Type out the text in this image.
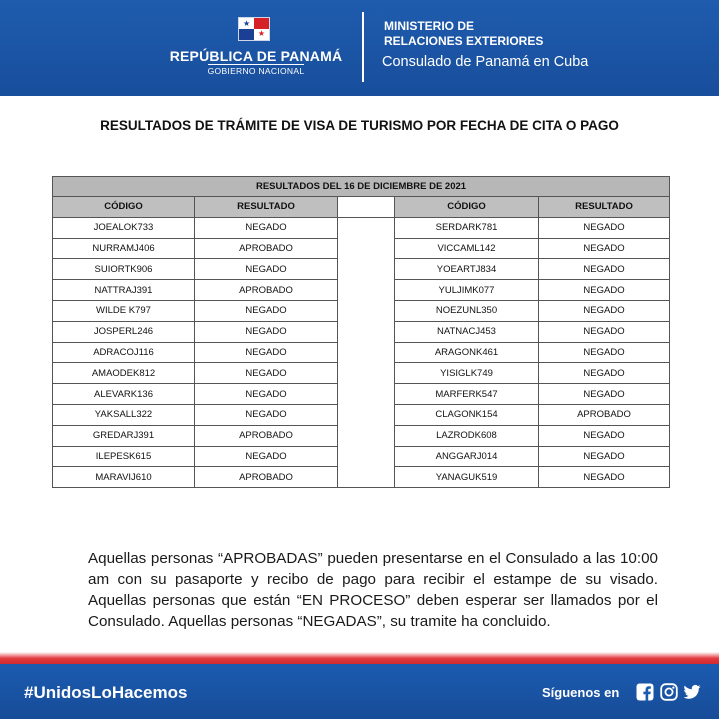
★
★
REPÚBLICA DE PANAMÁ
GOBIERNO NACIONAL
MINISTERIO DE
RELACIONES EXTERIORES
Consulado de Panamá en Cuba
RESULTADOS DE TRÁMITE DE VISA DE TURISMO POR FECHA DE CITA O PAGO
RESULTADOS DEL 16 DE DICIEMBRE DE 2021				
CÓDIGO	RESULTADO		CÓDIGO	RESULTADO
JOEALOK733	NEGADO		SERDARK781	NEGADO
NURRAMJ406	APROBADO		VICCAML142	NEGADO
SUIORTK906	NEGADO		YOEARTJ834	NEGADO
NATTRAJ391	APROBADO		YULJIMK077	NEGADO
WILDE K797	NEGADO		NOEZUNL350	NEGADO
JOSPERL246	NEGADO		NATNACJ453	NEGADO
ADRACOJ116	NEGADO		ARAGONK461	NEGADO
AMAODEK812	NEGADO		YISIGLK749	NEGADO
ALEVARK136	NEGADO		MARFERK547	NEGADO
YAKSALL322	NEGADO		CLAGONK154	APROBADO
GREDARJ391	APROBADO		LAZRODK608	NEGADO
ILEPESK615	NEGADO		ANGGARJ014	NEGADO
MARAVIJ610	APROBADO		YANAGUK519	NEGADO
Aquellas personas “APROBADAS” pueden presentarse en el Consulado a las 10:00 am con su pasaporte y recibo de pago para recibir el estampe de su visado. Aquellas personas que están “EN PROCESO” deben esperar ser llamados por el Consulado. Aquellas personas “NEGADAS”, su tramite ha concluido.
#UnidosLoHacemos	Síguenos en
